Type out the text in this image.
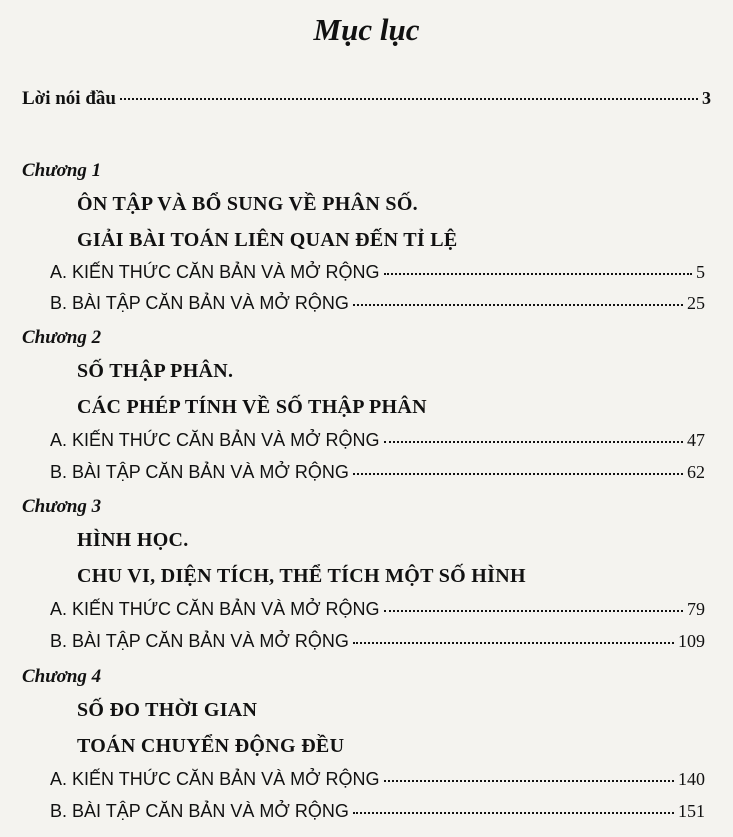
Mục lục
Lời nói đầu	3
Chương 1
ÔN TẬP VÀ BỔ SUNG VỀ PHÂN SỐ.
GIẢI BÀI TOÁN LIÊN QUAN ĐẾN TỈ LỆ
A. KIẾN THỨC CĂN BẢN VÀ MỞ RỘNG	5
B. BÀI TẬP CĂN BẢN VÀ MỞ RỘNG	25
Chương 2
SỐ THẬP PHÂN.
CÁC PHÉP TÍNH VỀ SỐ THẬP PHÂN
A. KIẾN THỨC CĂN BẢN VÀ MỞ RỘNG	47
B. BÀI TẬP CĂN BẢN VÀ MỞ RỘNG	62
Chương 3
HÌNH HỌC.
CHU VI, DIỆN TÍCH, THỂ TÍCH MỘT SỐ HÌNH
A. KIẾN THỨC CĂN BẢN VÀ MỞ RỘNG	79
B. BÀI TẬP CĂN BẢN VÀ MỞ RỘNG	109
Chương 4
SỐ ĐO THỜI GIAN
TOÁN CHUYỂN ĐỘNG ĐỀU
A. KIẾN THỨC CĂN BẢN VÀ MỞ RỘNG	140
B. BÀI TẬP CĂN BẢN VÀ MỞ RỘNG	151
